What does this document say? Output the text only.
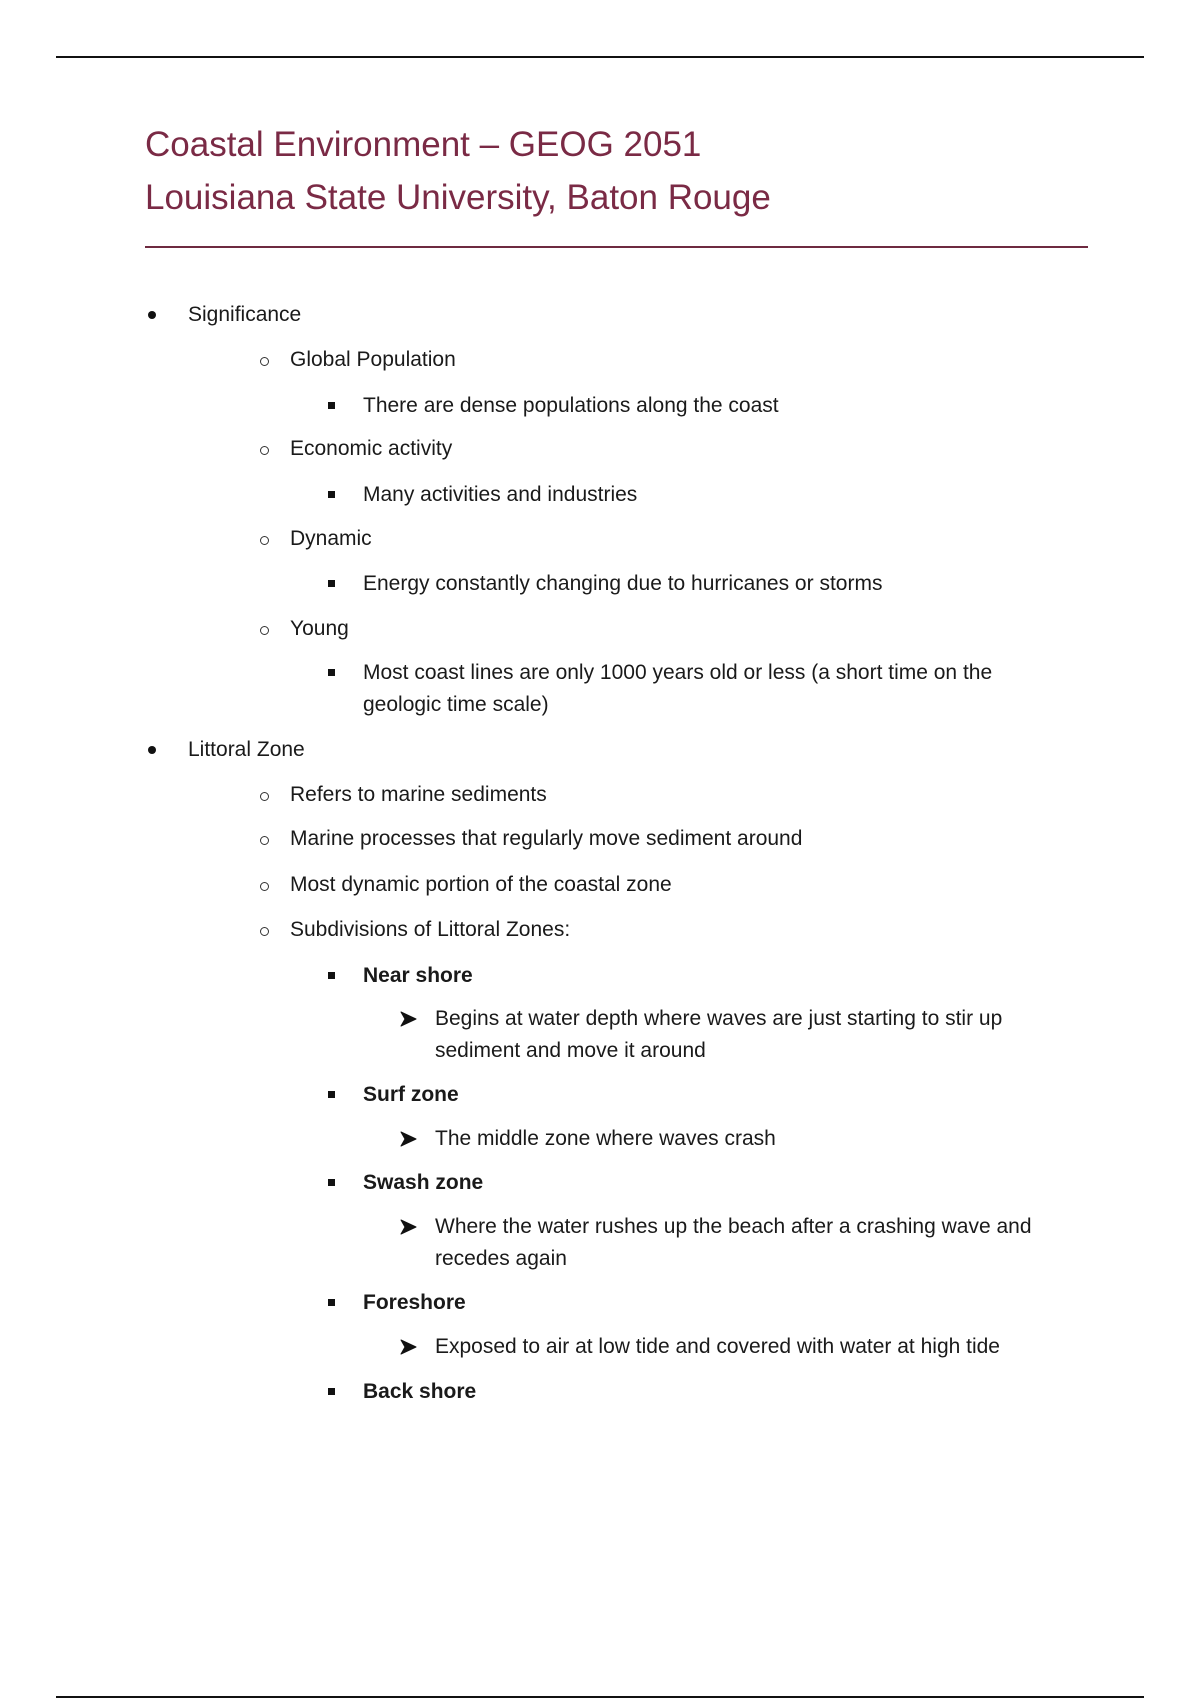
Coastal Environment – GEOG 2051
Louisiana State University, Baton Rouge
Significance
Global Population
There are dense populations along the coast
Economic activity
Many activities and industries
Dynamic
Energy constantly changing due to hurricanes or storms
Young
Most coast lines are only 1000 years old or less (a short time on the
geologic time scale)
Littoral Zone
Refers to marine sediments
Marine processes that regularly move sediment around
Most dynamic portion of the coastal zone
Subdivisions of Littoral Zones:
Near shore
Begins at water depth where waves are just starting to stir up
sediment and move it around
Surf zone
The middle zone where waves crash
Swash zone
Where the water rushes up the beach after a crashing wave and
recedes again
Foreshore
Exposed to air at low tide and covered with water at high tide
Back shore
